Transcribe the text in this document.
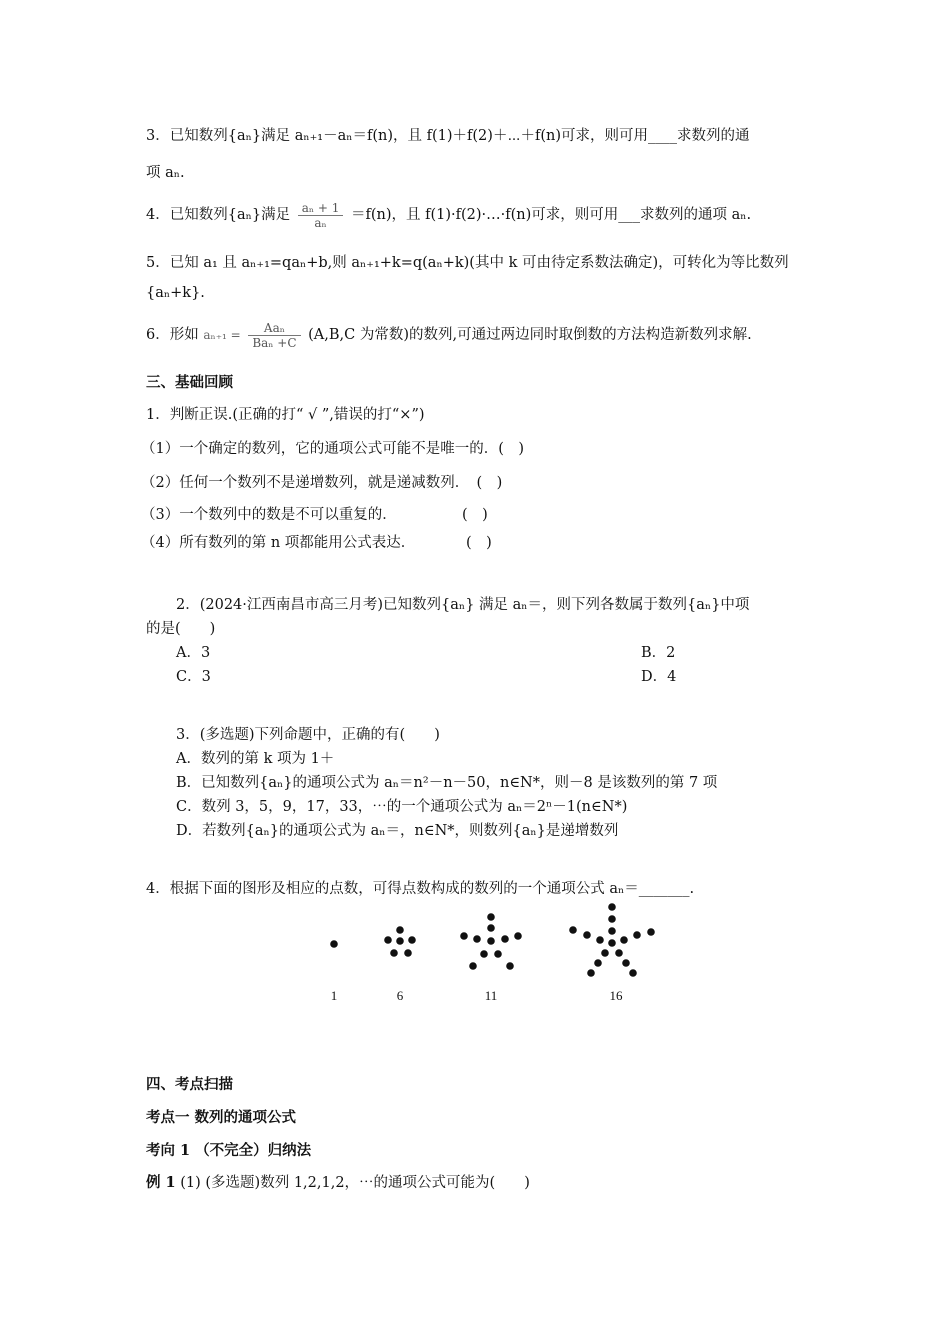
3．已知数列{aₙ}满足 aₙ₊₁－aₙ＝f(n)，且 f(1)＋f(2)＋⋯＋f(n)可求，则可用____求数列的通
项 aₙ.
4．已知数列{aₙ}满足 $\frac{\text{aₙ + 1}}{\text{aₙ}} =f(n)$，且 f(1)·f(2)·…·f(n)可求，则可用___求数列的通项 aₙ.
5．已知 a₁ 且 aₙ₊₁=qaₙ+b,则 aₙ₊₁+k=q(aₙ+k)(其中 k 可由待定系数法确定)，可转化为等比数列
{aₙ+k}.
6．形如 $a_{n+1} = \frac{\text{Aaₙ}}{\text{Baₙ +C}} (A,B,C$ 为常数)的数列,可通过两边同时取倒数的方法构造新数列求解.
三、基础回顾
1．判断正误.(正确的打“ √ ”,错误的打“×”)
（1）一个确定的数列，它的通项公式可能不是唯一的．(　)
（2）任何一个数列不是递增数列，就是递减数列．　(　)
（3）一个数列中的数是不可以重复的．　　　　　(　)
（4）所有数列的第 n 项都能用公式表达．　　　　(　)
2．(2024·江西南昌市高三月考)已知数列{aₙ} 满足 aₙ＝，则下列各数属于数列{aₙ}中项
的是(　　)
A．3	B．2
C．3	D．4
3．(多选题)下列命题中，正确的有(　　)
A．数列的第 k 项为 1＋
B．已知数列{aₙ}的通项公式为 aₙ＝n²－n－50，n∈N*，则－8 是该数列的第 7 项
C．数列 3，5，9，17，33，⋯的一个通项公式为 aₙ＝2ⁿ－1(n∈N*)
D．若数列{aₙ}的通项公式为 aₙ＝，n∈N*，则数列{aₙ}是递增数列
4．根据下面的图形及相应的点数，可得点数构成的数列的一个通项公式 aₙ＝_______.
1	6	11	16
四、考点扫描
考点一 数列的通项公式
考向 1 （不完全）归纳法
例 1 (1) (多选题)数列 1,2,1,2，⋯的通项公式可能为(　　)
